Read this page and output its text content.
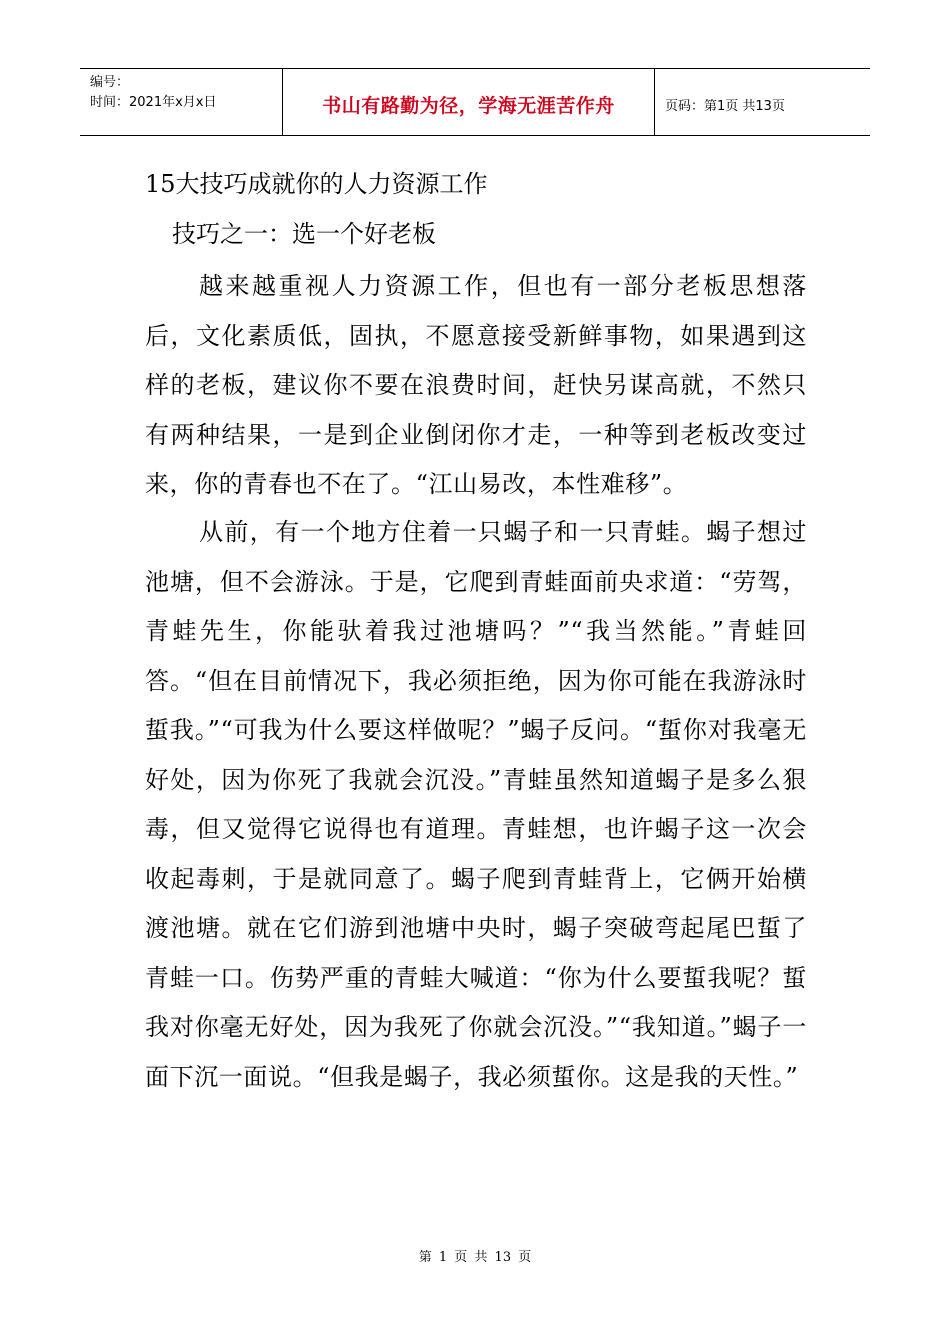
编号：
时间：2021年x月x日	书山有路勤为径，学海无涯苦作舟	页码：第1页 共13页
15大技巧成就你的人力资源工作
技巧之一：选一个好老板

越来越重视人力资源工作，但也有一部分老板思想落后，文化素质低，固执，不愿意接受新鲜事物，如果遇到这样的老板，建议你不要在浪费时间，赶快另谋高就，不然只有两种结果，一是到企业倒闭你才走，一种等到老板改变过来，你的青春也不在了。“江山易改，本性难移”。

从前，有一个地方住着一只蝎子和一只青蛙。蝎子想过池塘，但不会游泳。于是，它爬到青蛙面前央求道：“劳驾，青蛙先生，你能驮着我过池塘吗？”“我当然能。”青蛙回答。“但在目前情况下，我必须拒绝，因为你可能在我游泳时蜇我。”“可我为什么要这样做呢？”蝎子反问。“蜇你对我毫无好处，因为你死了我就会沉没。”青蛙虽然知道蝎子是多么狠毒，但又觉得它说得也有道理。青蛙想，也许蝎子这一次会收起毒刺，于是就同意了。蝎子爬到青蛙背上，它俩开始横渡池塘。就在它们游到池塘中央时，蝎子突破弯起尾巴蜇了青蛙一口。伤势严重的青蛙大喊道：“你为什么要蜇我呢？蜇我对你毫无好处，因为我死了你就会沉没。”“我知道。”蝎子一面下沉一面说。“但我是蝎子，我必须蜇你。这是我的天性。”

第 1 页 共 13 页
